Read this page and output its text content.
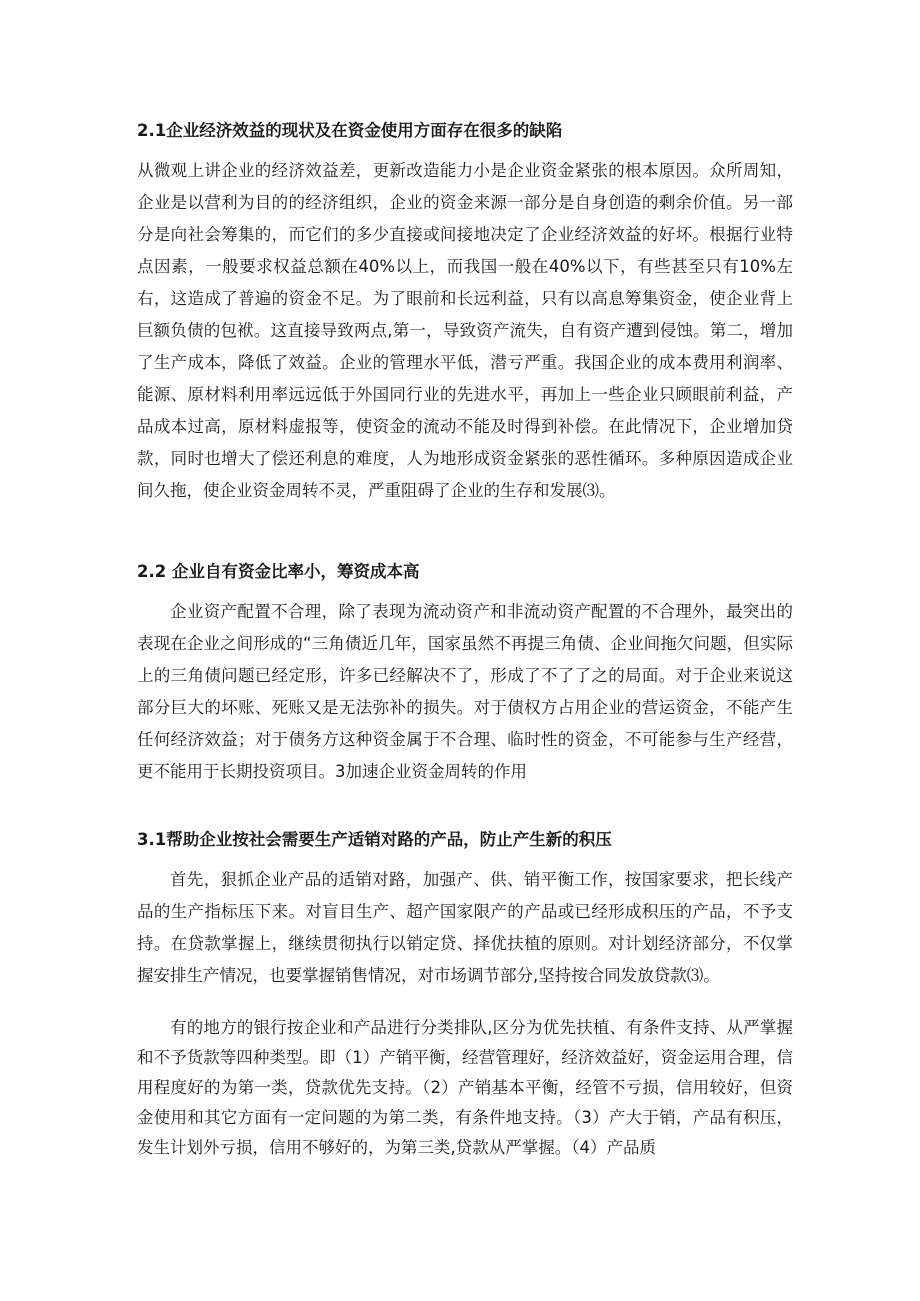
2.1企业经济效益的现状及在资金使用方面存在很多的缺陷

从微观上讲企业的经济效益差，更新改造能力小是企业资金紧张的根本原因。众所周知，企业是以营利为目的的经济组织，企业的资金来源一部分是自身创造的剩余价值。另一部分是向社会筹集的，而它们的多少直接或间接地决定了企业经济效益的好坏。根据行业特点因素，一般要求权益总额在40%以上，而我国一般在40%以下，有些甚至只有10%左右，这造成了普遍的资金不足。为了眼前和长远利益，只有以高息筹集资金，使企业背上巨额负债的包袱。这直接导致两点,第一，导致资产流失，自有资产遭到侵蚀。第二，增加了生产成本，降低了效益。企业的管理水平低，潜亏严重。我国企业的成本费用利润率、能源、原材料利用率远远低于外国同行业的先进水平，再加上一些企业只顾眼前利益，产品成本过高，原材料虚报等，使资金的流动不能及时得到补偿。在此情况下，企业增加贷款，同时也增大了偿还利息的难度，人为地形成资金紧张的恶性循环。多种原因造成企业间久拖，使企业资金周转不灵，严重阻碍了企业的生存和发展⑶。

2.2 企业自有资金比率小，筹资成本高

企业资产配置不合理，除了表现为流动资产和非流动资产配置的不合理外，最突出的表现在企业之间形成的“三角债近几年，国家虽然不再提三角债、企业间拖欠问题，但实际上的三角债问题已经定形，许多已经解决不了，形成了不了了之的局面。对于企业来说这部分巨大的坏账、死账又是无法弥补的损失。对于债权方占用企业的营运资金，不能产生任何经济效益；对于债务方这种资金属于不合理、临时性的资金，不可能参与生产经营，更不能用于长期投资项目。3加速企业资金周转的作用

3.1帮助企业按社会需要生产适销对路的产品，防止产生新的积压

首先，狠抓企业产品的适销对路，加强产、供、销平衡工作，按国家要求，把长线产品的生产指标压下来。对盲目生产、超产国家限产的产品或已经形成积压的产品，不予支持。在贷款掌握上，继续贯彻执行以销定贷、择优扶植的原则。对计划经济部分，不仅掌握安排生产情况，也要掌握销售情况，对市场调节部分,坚持按合同发放贷款⑶。

有的地方的银行按企业和产品进行分类排队,区分为优先扶植、有条件支持、从严掌握和不予货款等四种类型。即（1）产销平衡，经营管理好，经济效益好，资金运用合理，信用程度好的为第一类，贷款优先支持。（2）产销基本平衡，经管不亏损，信用较好，但资金使用和其它方面有一定问题的为第二类，有条件地支持。（3）产大于销，产品有积压，发生计划外亏损，信用不够好的，为第三类,贷款从严掌握。（4）产品质
